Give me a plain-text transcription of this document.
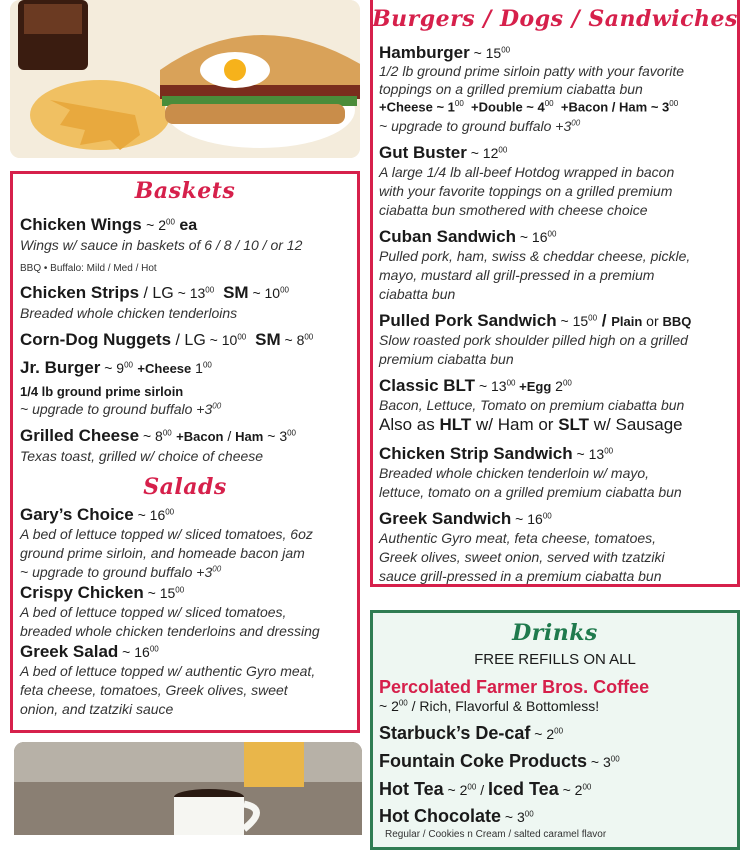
Baskets
Chicken Wings ~ $2^{00}$ ea
Wings w/ sauce in baskets of 6 / 8 / 10 / or 12
BBQ • Buffalo: Mild / Med / Hot
Chicken Strips / LG ~ $13^{00}$ SM ~ $10^{00}$
Breaded whole chicken tenderloins
Corn-Dog Nuggets / LG ~ $10^{00}$ SM ~ $8^{00}$
Jr. Burger ~ $9^{00}$ +Cheese $1^{00}$
1/4 lb ground prime sirloin
~ upgrade to ground buffalo $+3^{00}$
Grilled Cheese ~ $8^{00}$ +Bacon / Ham ~ $3^{00}$
Texas toast, grilled w/ choice of cheese
Salads
Gary’s Choice ~ $16^{00}$
A bed of lettuce topped w/ sliced tomatoes, 6oz
ground prime sirloin, and homeade bacon jam
~ upgrade to ground buffalo $+3^{00}$
Crispy Chicken ~ $15^{00}$
A bed of lettuce topped w/ sliced tomatoes,
breaded whole chicken tenderloins and dressing
Greek Salad ~ $16^{00}$
A bed of lettuce topped w/ authentic Gyro meat,
feta cheese, tomatoes, Greek olives, sweet
onion, and tzatziki sauce
Burgers / Dogs / Sandwiches
Hamburger ~ $15^{00}$
1/2 lb ground prime sirloin patty with your favorite
toppings on a grilled premium ciabatta bun
+Cheese ~ $1^{00}$ +Double ~ $4^{00}$ +Bacon / Ham ~ $3^{00}$
~ upgrade to ground buffalo $+3^{00}$
Gut Buster ~ $12^{00}$
A large 1/4 lb all-beef Hotdog wrapped in bacon
with your favorite toppings on a grilled premium
ciabatta bun smothered with cheese choice
Cuban Sandwich ~ $16^{00}$
Pulled pork, ham, swiss & cheddar cheese, pickle,
mayo, mustard all grill-pressed in a premium
ciabatta bun
Pulled Pork Sandwich ~ $15^{00}$ / Plain or BBQ
Slow roasted pork shoulder pilled high on a grilled
premium ciabatta bun
Classic BLT ~ $13^{00} +Egg$ $2^{00}$
Bacon, Lettuce, Tomato on premium ciabatta bun
Also as HLT w/ Ham or SLT w/ Sausage
Chicken Strip Sandwich ~ $13^{00}$
Breaded whole chicken tenderloin w/ mayo,
lettuce, tomato on a grilled premium ciabatta bun
Greek Sandwich ~ $16^{00}$
Authentic Gyro meat, feta cheese, tomatoes,
Greek olives, sweet onion, served with tzatziki
sauce grill-pressed in a premium ciabatta bun
Drinks
FREE REFILLS ON ALL
Percolated Farmer Bros. Coffee
~ $2^{00}$ / Rich, Flavorful & Bottomless!
Starbuck’s De-caf ~ $2^{00}$
Fountain Coke Products ~ $3^{00}$
Hot Tea ~ $2^{00}$ / Iced Tea ~ $2^{00}$
Hot Chocolate ~ $3^{00}$
Regular / Cookies n Cream / salted caramel flavor
